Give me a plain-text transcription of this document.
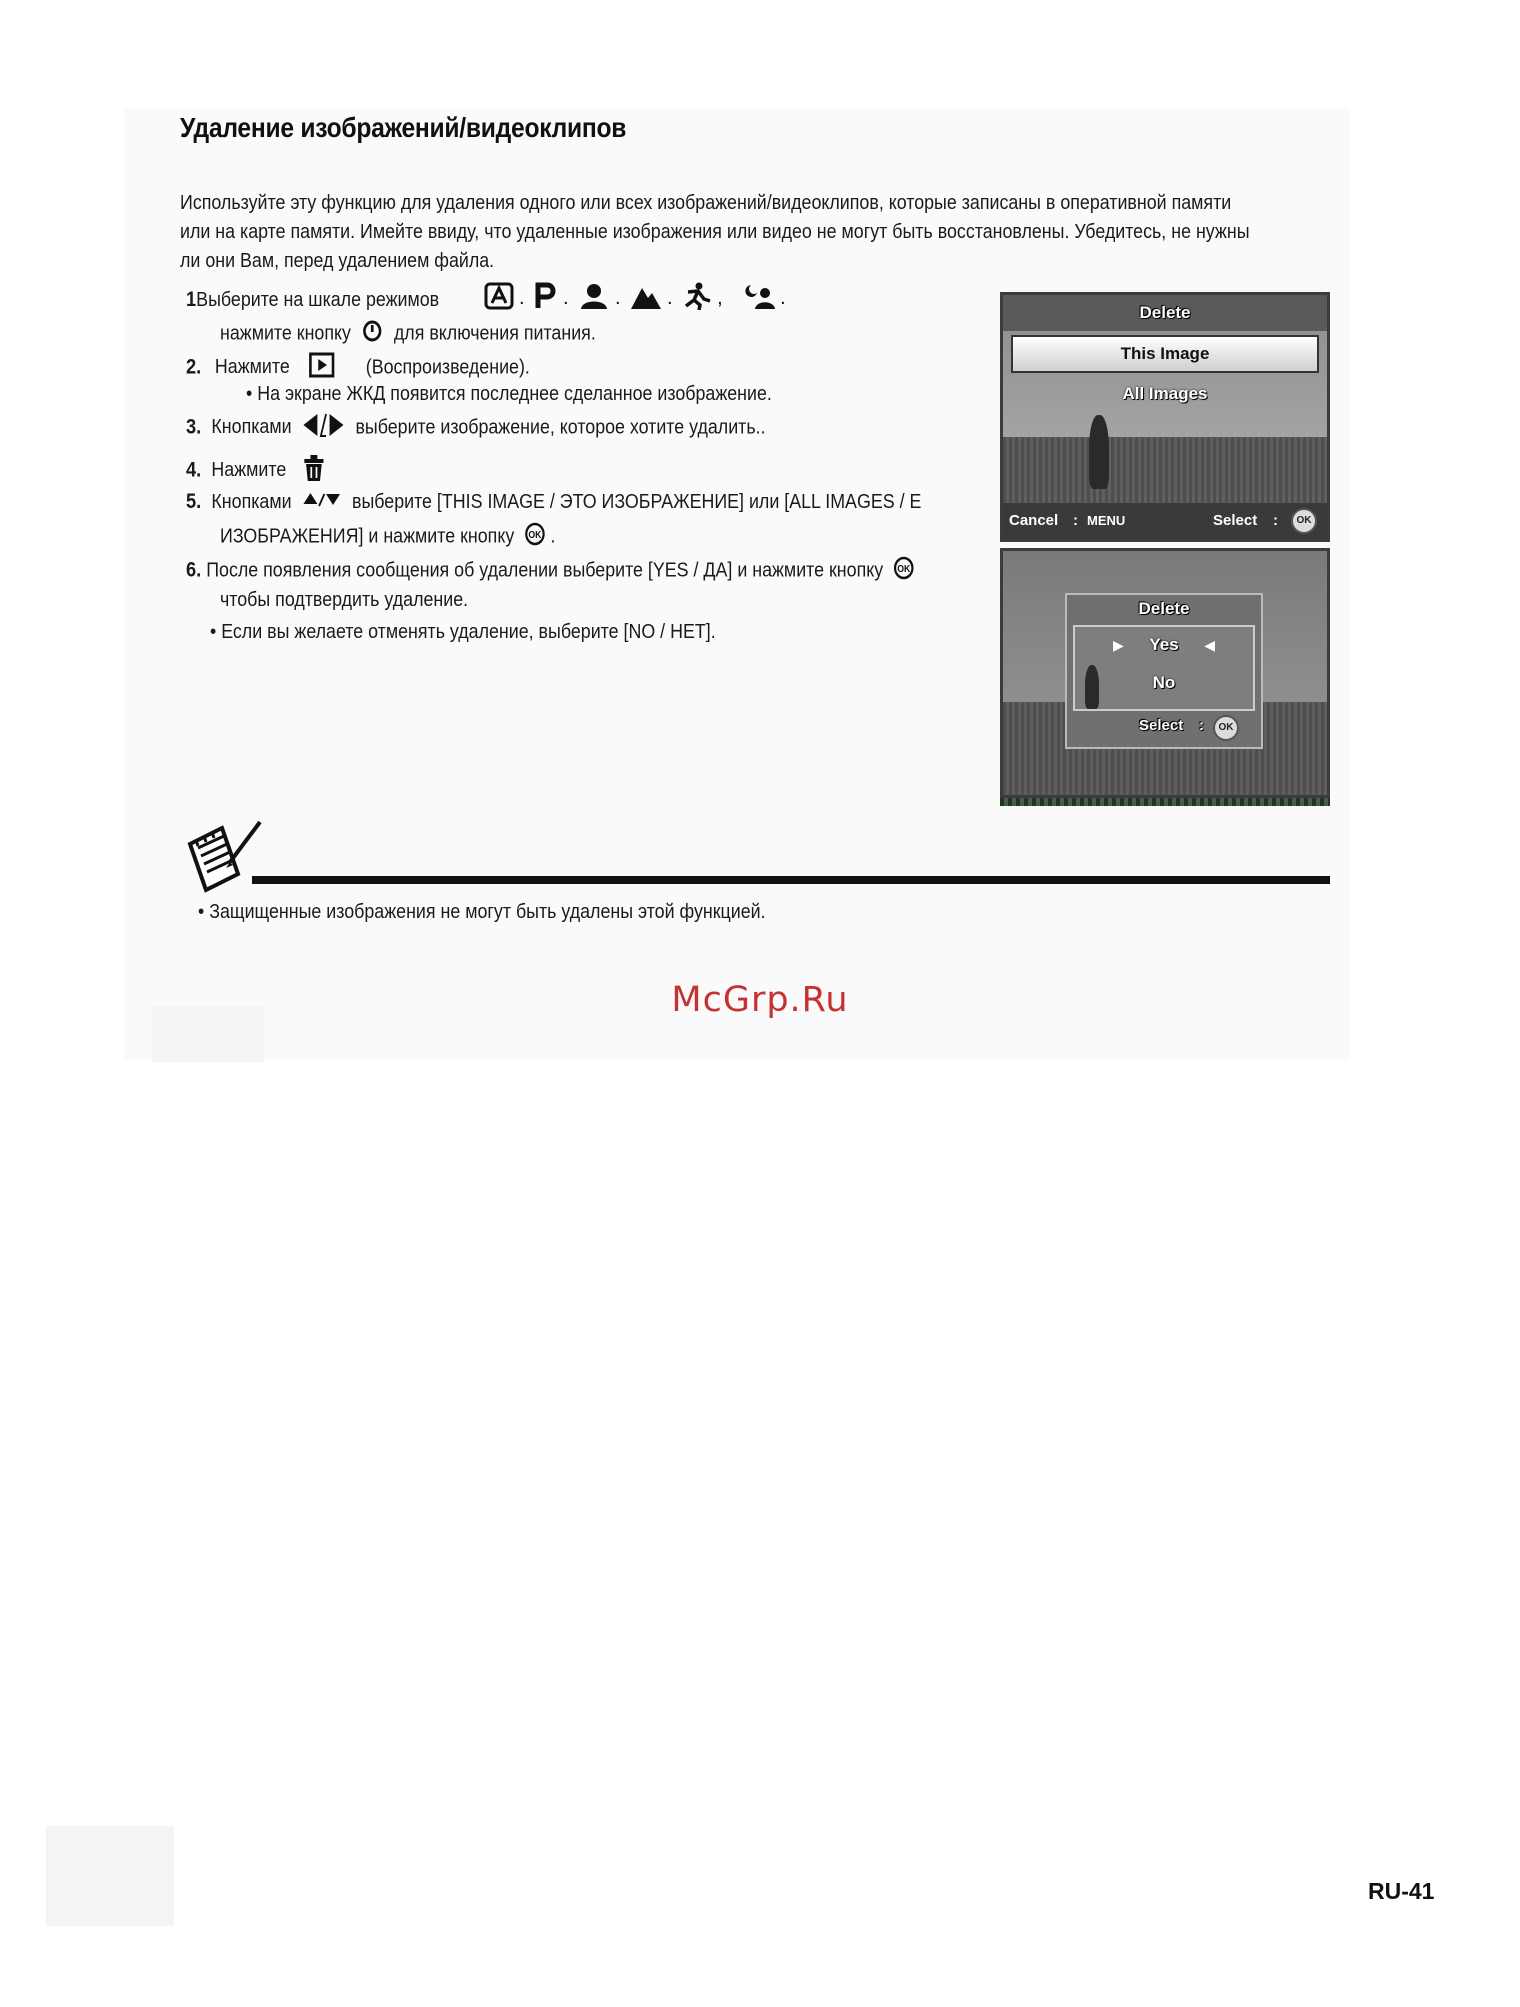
Удаление изображений/видеоклипов

Используйте эту функцию для удаления одного или всех изображений/видеоклипов, которые записаны в оперативной памяти или на карте памяти. Имейте ввиду, что удаленные изображения или видео не могут быть восстановлены. Убедитесь, не нужны ли они Вам, перед удалением файла.

1Выберите на шкале режимов	. . . . ,	.
нажмите кнопку для включения питания.
2. Нажмите	(Воспроизведение).
• На экране ЖКД появится последнее сделанное изображение.
3. Кнопками	выберите изображение, которое хотите удалить..
4. Нажмите
5. Кнопками	выберите [THIS IMAGE / ЭТО ИЗОБРАЖЕНИЕ] или [ALL IMAGES / E
ИЗОБРАЖЕНИЯ] и нажмите кнопку OK .
6. После появления сообщения об удалении выберите [YES / ДА] и нажмите кнопку OK
чтобы подтвердить удаление.
• Если вы желаете отменять удаление, выберите [NO / НЕТ].
Delete
This Image
All Images
Cancel : MENU	Select :	OK
Delete
▶	Yes	◀
No
Select :	OK
• Защищенные изображения не могут быть удалены этой функцией.
McGrp.Ru
RU-41
